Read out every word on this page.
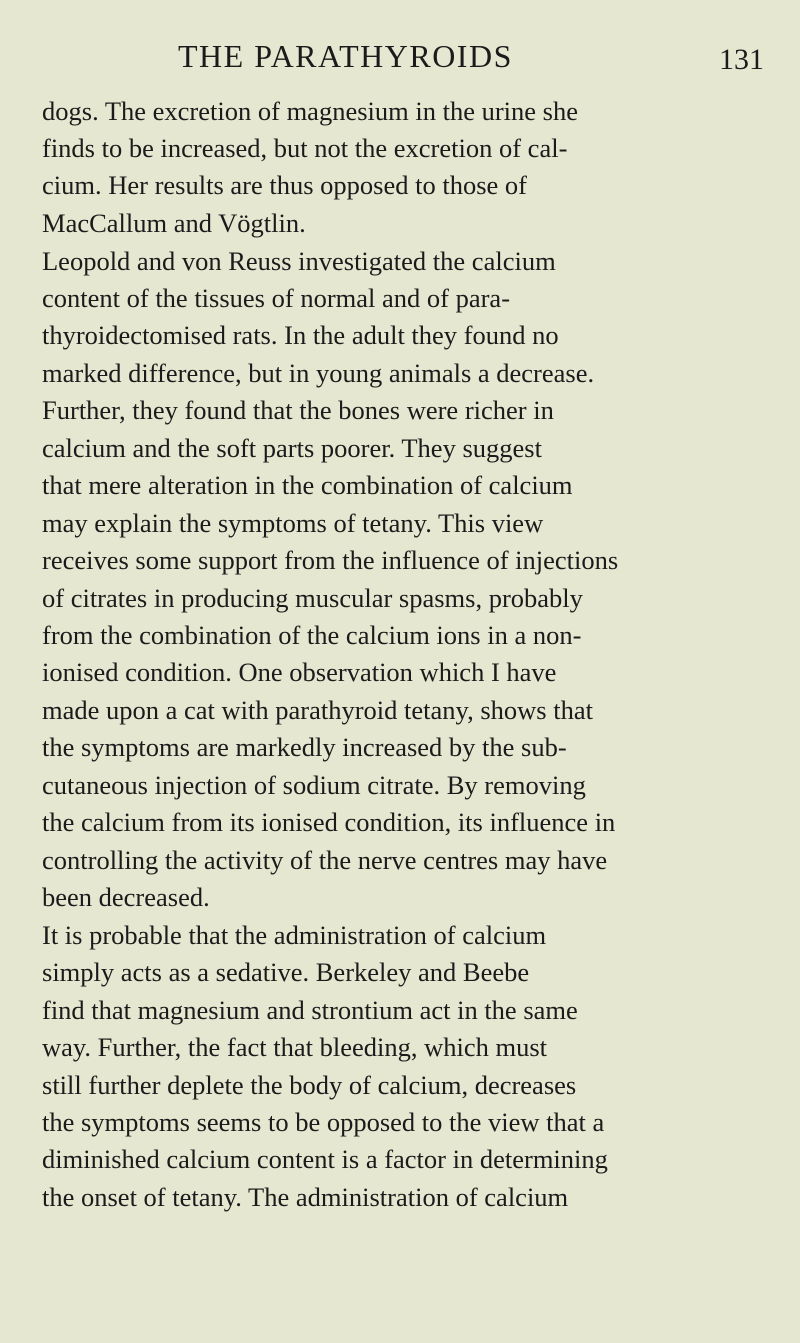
THE PARATHYROIDS	131
dogs. The excretion of magnesium in the urine she
finds to be increased, but not the excretion of cal-
cium. Her results are thus opposed to those of
MacCallum and Vögtlin.
Leopold and von Reuss investigated the calcium
content of the tissues of normal and of para-
thyroidectomised rats. In the adult they found no
marked difference, but in young animals a decrease.
Further, they found that the bones were richer in
calcium and the soft parts poorer. They suggest
that mere alteration in the combination of calcium
may explain the symptoms of tetany. This view
receives some support from the influence of injections
of citrates in producing muscular spasms, probably
from the combination of the calcium ions in a non-
ionised condition. One observation which I have
made upon a cat with parathyroid tetany, shows that
the symptoms are markedly increased by the sub-
cutaneous injection of sodium citrate. By removing
the calcium from its ionised condition, its influence in
controlling the activity of the nerve centres may have
been decreased.
It is probable that the administration of calcium
simply acts as a sedative. Berkeley and Beebe
find that magnesium and strontium act in the same
way. Further, the fact that bleeding, which must
still further deplete the body of calcium, decreases
the symptoms seems to be opposed to the view that a
diminished calcium content is a factor in determining
the onset of tetany. The administration of calcium
